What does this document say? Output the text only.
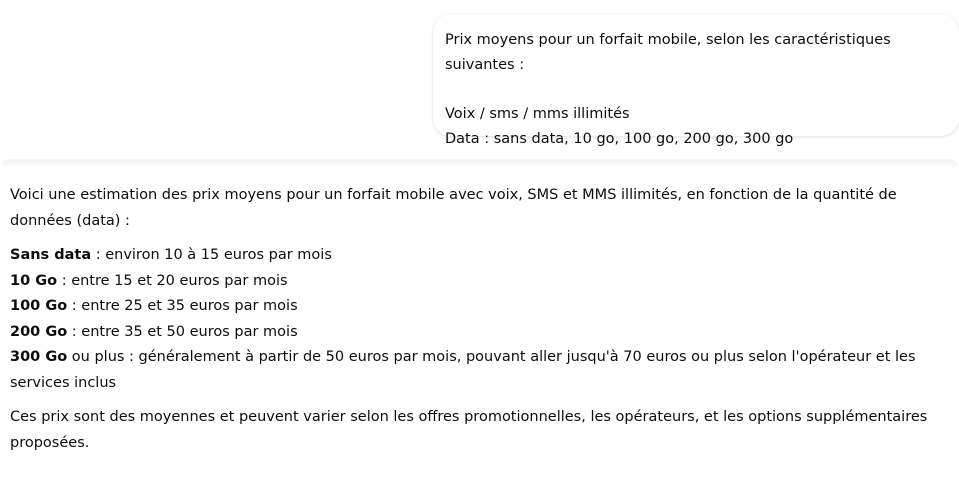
Prix moyens pour un forfait mobile, selon les caractéristiques suivantes :
Voix / sms / mms illimités
Data : sans data, 10 go, 100 go, 200 go, 300 go

Voici une estimation des prix moyens pour un forfait mobile avec voix, SMS et MMS illimités, en fonction de la quantité de données (data) :

Sans data : environ 10 à 15 euros par mois

10 Go : entre 15 et 20 euros par mois

100 Go : entre 25 et 35 euros par mois

200 Go : entre 35 et 50 euros par mois

300 Go ou plus : généralement à partir de 50 euros par mois, pouvant aller jusqu'à 70 euros ou plus selon l'opérateur et les services inclus

Ces prix sont des moyennes et peuvent varier selon les offres promotionnelles, les opérateurs, et les options supplémentaires proposées.
